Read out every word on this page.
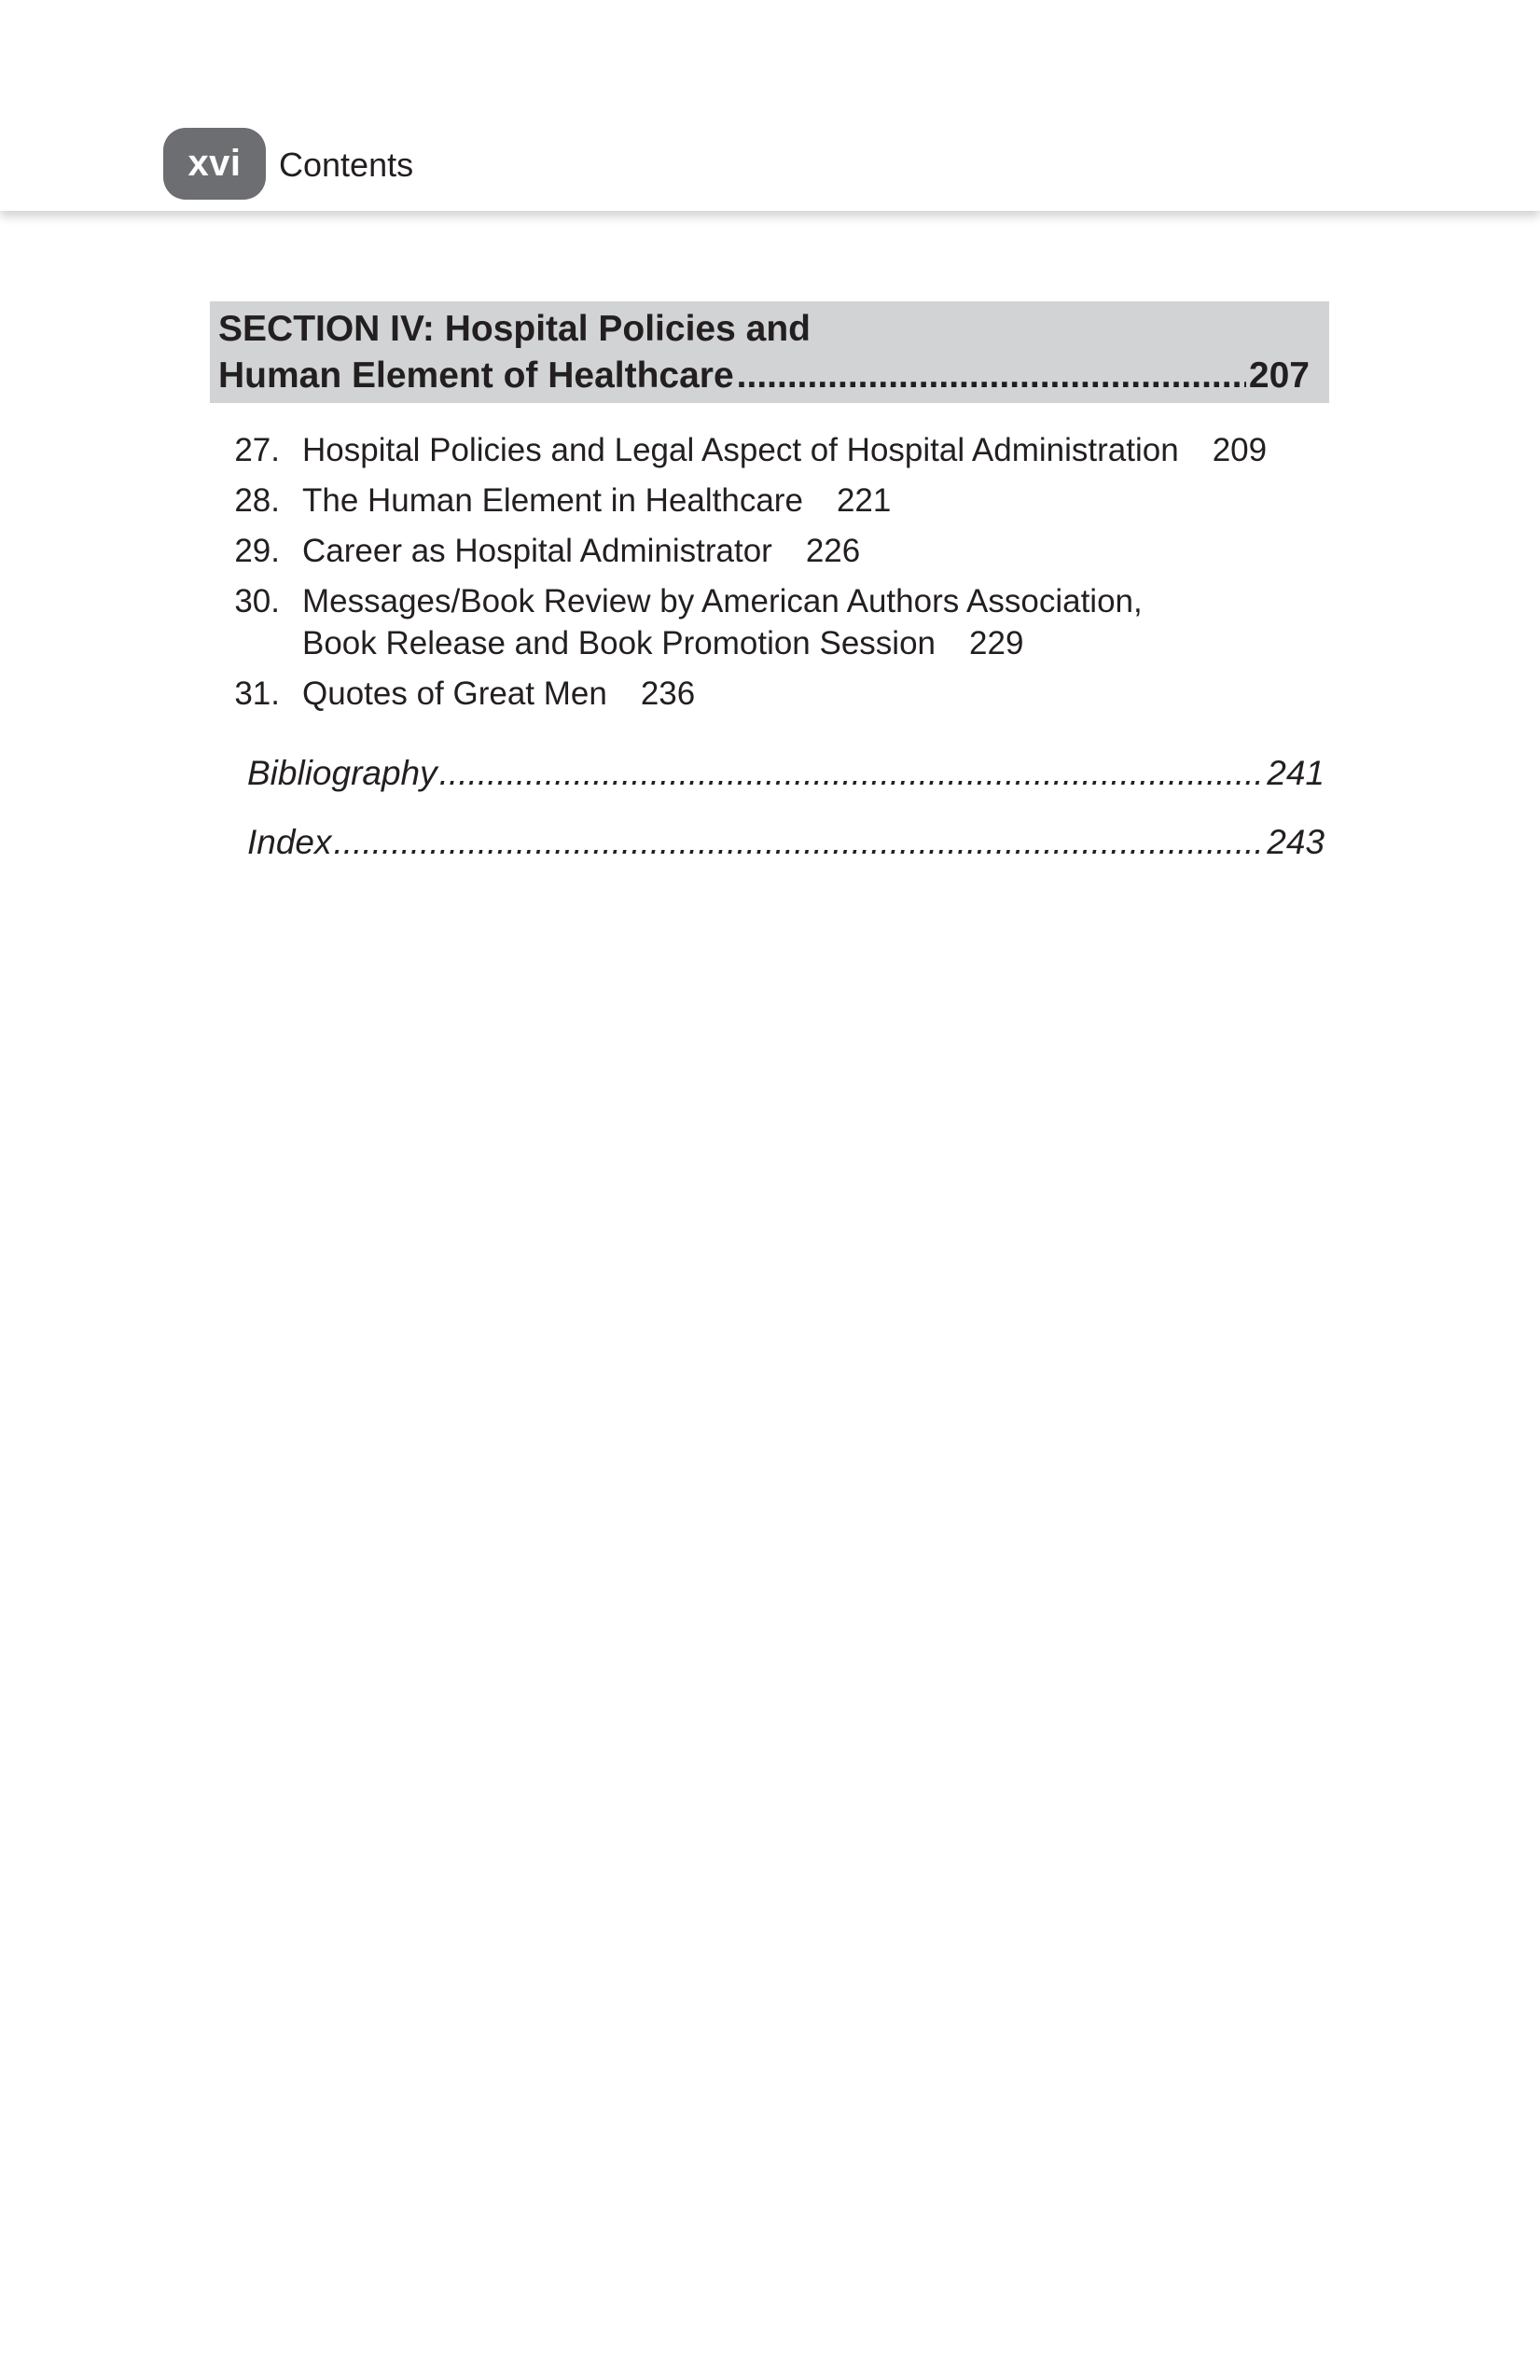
xvi	Contents
SECTION IV: Hospital Policies and
Human Element of Healthcare .....	207
27. Hospital Policies and Legal Aspect of Hospital Administration 209
28. The Human Element in Healthcare 221
29. Career as Hospital Administrator 226
30. Messages/Book Review by American Authors Association,
Book Release and Book Promotion Session 229
31. Quotes of Great Men 236
Bibliography .....	241
Index .....	243
